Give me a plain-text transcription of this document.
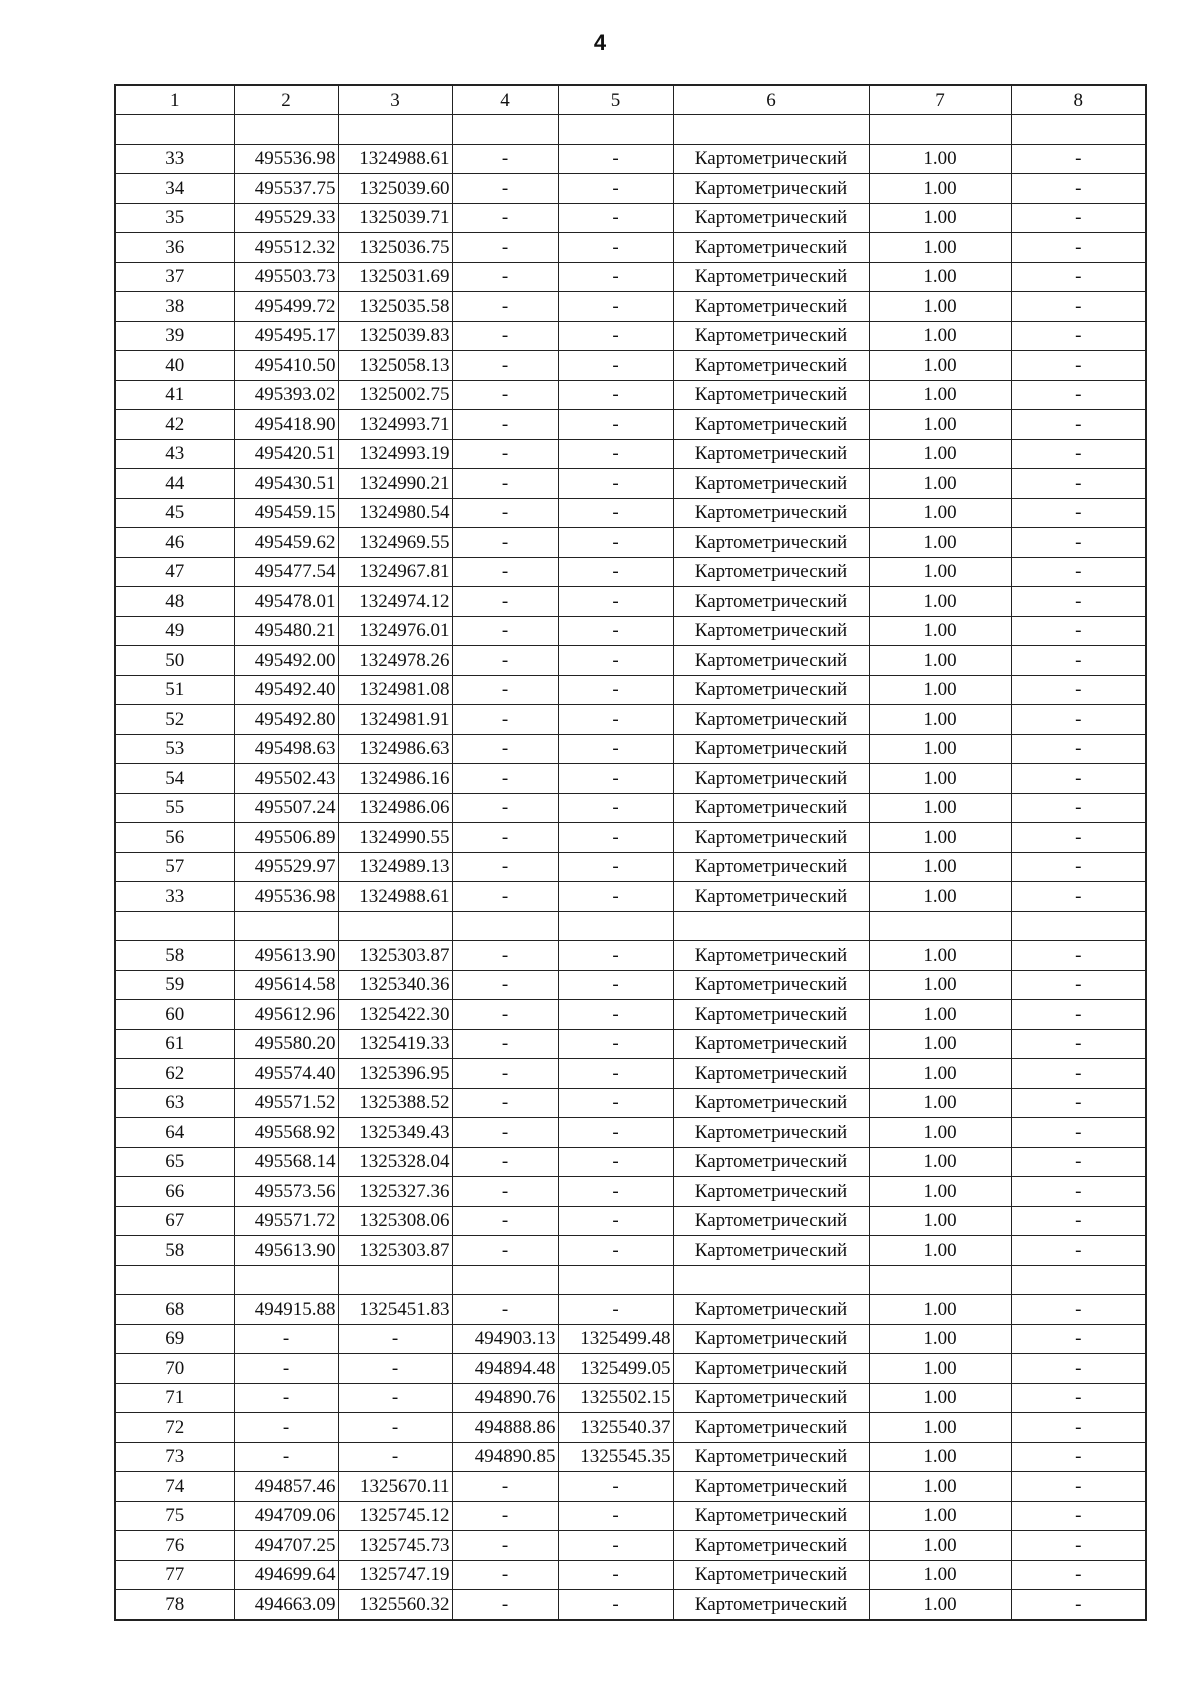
4
1	2	3	4	5	6	7	8

33	495536.98	1324988.61	-	-	Картометрический	1.00	-
34	495537.75	1325039.60	-	-	Картометрический	1.00	-
35	495529.33	1325039.71	-	-	Картометрический	1.00	-
36	495512.32	1325036.75	-	-	Картометрический	1.00	-
37	495503.73	1325031.69	-	-	Картометрический	1.00	-
38	495499.72	1325035.58	-	-	Картометрический	1.00	-
39	495495.17	1325039.83	-	-	Картометрический	1.00	-
40	495410.50	1325058.13	-	-	Картометрический	1.00	-
41	495393.02	1325002.75	-	-	Картометрический	1.00	-
42	495418.90	1324993.71	-	-	Картометрический	1.00	-
43	495420.51	1324993.19	-	-	Картометрический	1.00	-
44	495430.51	1324990.21	-	-	Картометрический	1.00	-
45	495459.15	1324980.54	-	-	Картометрический	1.00	-
46	495459.62	1324969.55	-	-	Картометрический	1.00	-
47	495477.54	1324967.81	-	-	Картометрический	1.00	-
48	495478.01	1324974.12	-	-	Картометрический	1.00	-
49	495480.21	1324976.01	-	-	Картометрический	1.00	-
50	495492.00	1324978.26	-	-	Картометрический	1.00	-
51	495492.40	1324981.08	-	-	Картометрический	1.00	-
52	495492.80	1324981.91	-	-	Картометрический	1.00	-
53	495498.63	1324986.63	-	-	Картометрический	1.00	-
54	495502.43	1324986.16	-	-	Картометрический	1.00	-
55	495507.24	1324986.06	-	-	Картометрический	1.00	-
56	495506.89	1324990.55	-	-	Картометрический	1.00	-
57	495529.97	1324989.13	-	-	Картометрический	1.00	-
33	495536.98	1324988.61	-	-	Картометрический	1.00	-

58	495613.90	1325303.87	-	-	Картометрический	1.00	-
59	495614.58	1325340.36	-	-	Картометрический	1.00	-
60	495612.96	1325422.30	-	-	Картометрический	1.00	-
61	495580.20	1325419.33	-	-	Картометрический	1.00	-
62	495574.40	1325396.95	-	-	Картометрический	1.00	-
63	495571.52	1325388.52	-	-	Картометрический	1.00	-
64	495568.92	1325349.43	-	-	Картометрический	1.00	-
65	495568.14	1325328.04	-	-	Картометрический	1.00	-
66	495573.56	1325327.36	-	-	Картометрический	1.00	-
67	495571.72	1325308.06	-	-	Картометрический	1.00	-
58	495613.90	1325303.87	-	-	Картометрический	1.00	-

68	494915.88	1325451.83	-	-	Картометрический	1.00	-
69	-	-	494903.13	1325499.48	Картометрический	1.00	-
70	-	-	494894.48	1325499.05	Картометрический	1.00	-
71	-	-	494890.76	1325502.15	Картометрический	1.00	-
72	-	-	494888.86	1325540.37	Картометрический	1.00	-
73	-	-	494890.85	1325545.35	Картометрический	1.00	-
74	494857.46	1325670.11	-	-	Картометрический	1.00	-
75	494709.06	1325745.12	-	-	Картометрический	1.00	-
76	494707.25	1325745.73	-	-	Картометрический	1.00	-
77	494699.64	1325747.19	-	-	Картометрический	1.00	-
78	494663.09	1325560.32	-	-	Картометрический	1.00	-
